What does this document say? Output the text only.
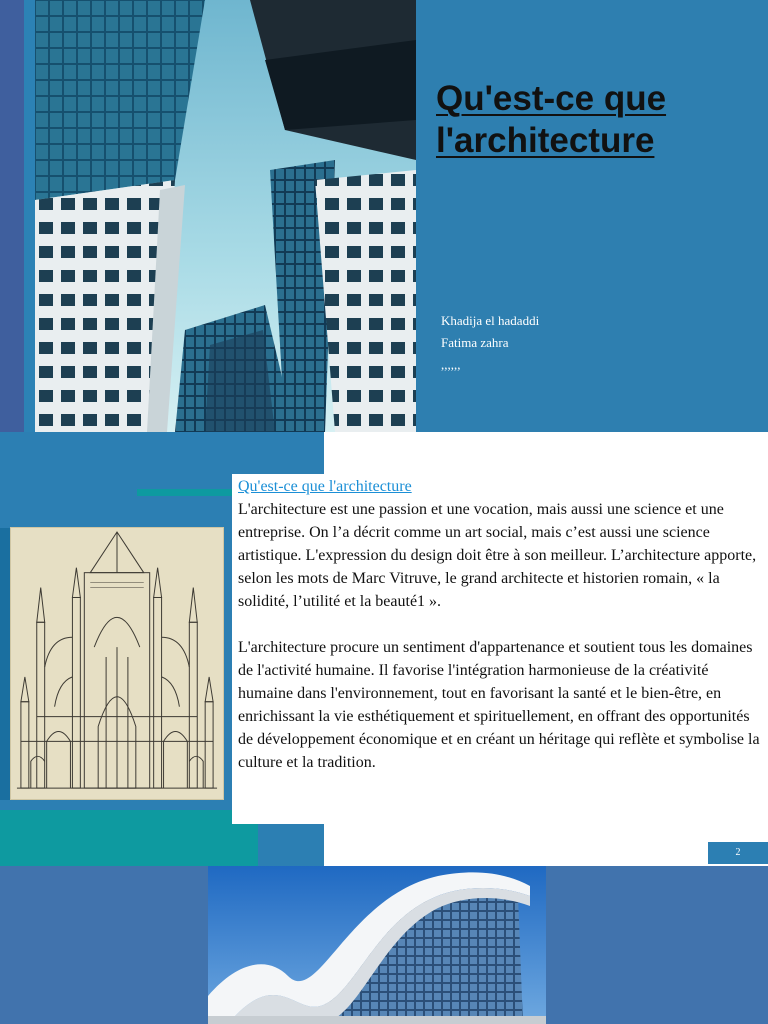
Qu'est-ce que l'architecture
Khadija el hadaddi
Fatima zahra
,,,,,,
Qu'est-ce que l'architecture

L'architecture est une passion et une vocation, mais aussi une science et une entreprise. On l’a décrit comme un art social, mais c’est aussi une science artistique. L'expression du design doit être à son meilleur. L’architecture apporte, selon les mots de Marc Vitruve, le grand architecte et historien romain, « la solidité, l’utilité et la beauté1 ».

L'architecture procure un sentiment d'appartenance et soutient tous les domaines de l'activité humaine. Il favorise l'intégration harmonieuse de la créativité humaine dans l'environnement, tout en favorisant la santé et le bien-être, en enrichissant la vie esthétiquement et spirituellement, en offrant des opportunités de développement économique et en créant un héritage qui reflète et symbolise la culture et la tradition.

2
